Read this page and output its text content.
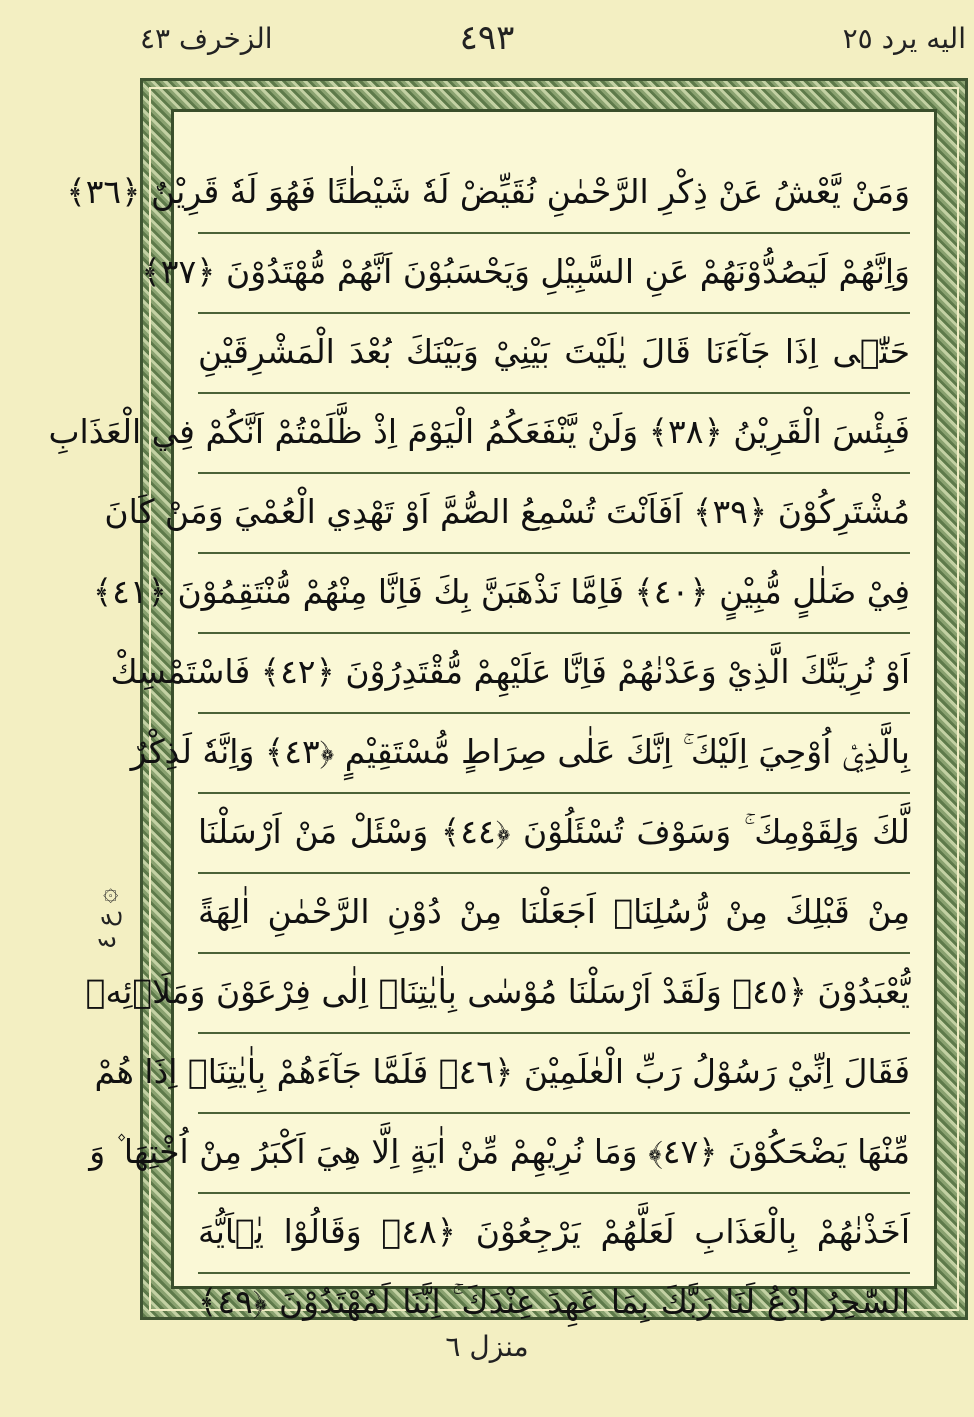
اليه يرد ٢٥
٤٩٣
الزخرف ٤٣
ع ٤ ۞
وَمَنْ يَّعْشُ عَنْ ذِكْرِ الرَّحْمٰنِ نُقَيِّضْ لَهٗ شَيْطٰنًا فَهُوَ لَهٗ قَرِيْنٌ ﴿٣٦﴾
وَاِنَّهُمْ لَيَصُدُّوْنَهُمْ عَنِ السَّبِيْلِ وَيَحْسَبُوْنَ اَنَّهُمْ مُّهْتَدُوْنَ ﴿٣٧﴾
حَتّٰۤى اِذَا جَآءَنَا قَالَ يٰلَيْتَ بَيْنِيْ وَبَيْنَكَ بُعْدَ الْمَشْرِقَيْنِ
فَبِئْسَ الْقَرِيْنُ ﴿٣٨﴾ وَلَنْ يَّنْفَعَكُمُ الْيَوْمَ اِذْ ظَّلَمْتُمْ اَنَّكُمْ فِي الْعَذَابِ
مُشْتَرِكُوْنَ ﴿٣٩﴾ اَفَاَنْتَ تُسْمِعُ الصُّمَّ اَوْ تَهْدِي الْعُمْيَ وَمَنْ كَانَ
فِيْ ضَلٰلٍ مُّبِيْنٍ ﴿٤٠﴾ فَاِمَّا نَذْهَبَنَّ بِكَ فَاِنَّا مِنْهُمْ مُّنْتَقِمُوْنَ ﴿٤١﴾
اَوْ نُرِيَنَّكَ الَّذِيْ وَعَدْنٰهُمْ فَاِنَّا عَلَيْهِمْ مُّقْتَدِرُوْنَ ﴿٤٢﴾ فَاسْتَمْسِكْ
بِالَّذِيْۤ اُوْحِيَ اِلَيْكَ ۚ اِنَّكَ عَلٰى صِرَاطٍ مُّسْتَقِيْمٍ ﴿٤٣﴾ وَاِنَّهٗ لَذِكْرٌ
لَّكَ وَلِقَوْمِكَ ۚ وَسَوْفَ تُسْئَلُوْنَ ﴿٤٤﴾ وَسْئَلْ مَنْ اَرْسَلْنَا
مِنْ قَبْلِكَ مِنْ رُّسُلِنَاۤ اَجَعَلْنَا مِنْ دُوْنِ الرَّحْمٰنِ اٰلِهَةً
يُّعْبَدُوْنَ ﴿٤٥﴾ وَلَقَدْ اَرْسَلْنَا مُوْسٰى بِاٰيٰتِنَاۤ اِلٰى فِرْعَوْنَ وَمَلَا۟ئِهٖ
فَقَالَ اِنِّيْ رَسُوْلُ رَبِّ الْعٰلَمِيْنَ ﴿٤٦﴾ فَلَمَّا جَآءَهُمْ بِاٰيٰتِنَاۤ اِذَا هُمْ
مِّنْهَا يَضْحَكُوْنَ ﴿٤٧﴾ وَمَا نُرِيْهِمْ مِّنْ اٰيَةٍ اِلَّا هِيَ اَكْبَرُ مِنْ اُخْتِهَا ۫ وَ
اَخَذْنٰهُمْ بِالْعَذَابِ لَعَلَّهُمْ يَرْجِعُوْنَ ﴿٤٨﴾ وَقَالُوْا يٰۤاَيُّهَ
السّٰحِرُ ادْعُ لَنَا رَبَّكَ بِمَا عَهِدَ عِنْدَكَ ۚ اِنَّنَا لَمُهْتَدُوْنَ ﴿٤٩﴾
منزل ٦
